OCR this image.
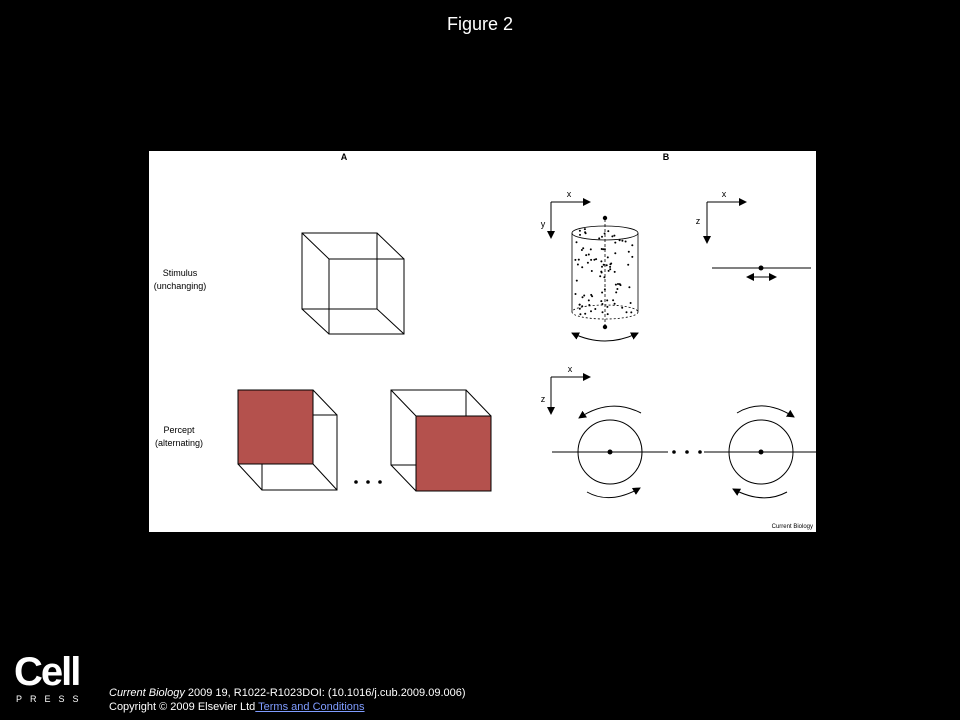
Figure 2
A	B
Stimulus
(unchanging)
Percept
(alternating)
x
y
x
z
x
z
Current Biology
Cell
PRESS Current Biology 2009 19, R1022-R1023DOI: (10.1016/j.cub.2009.09.006)
Copyright © 2009 Elsevier Ltd Terms and Conditions
